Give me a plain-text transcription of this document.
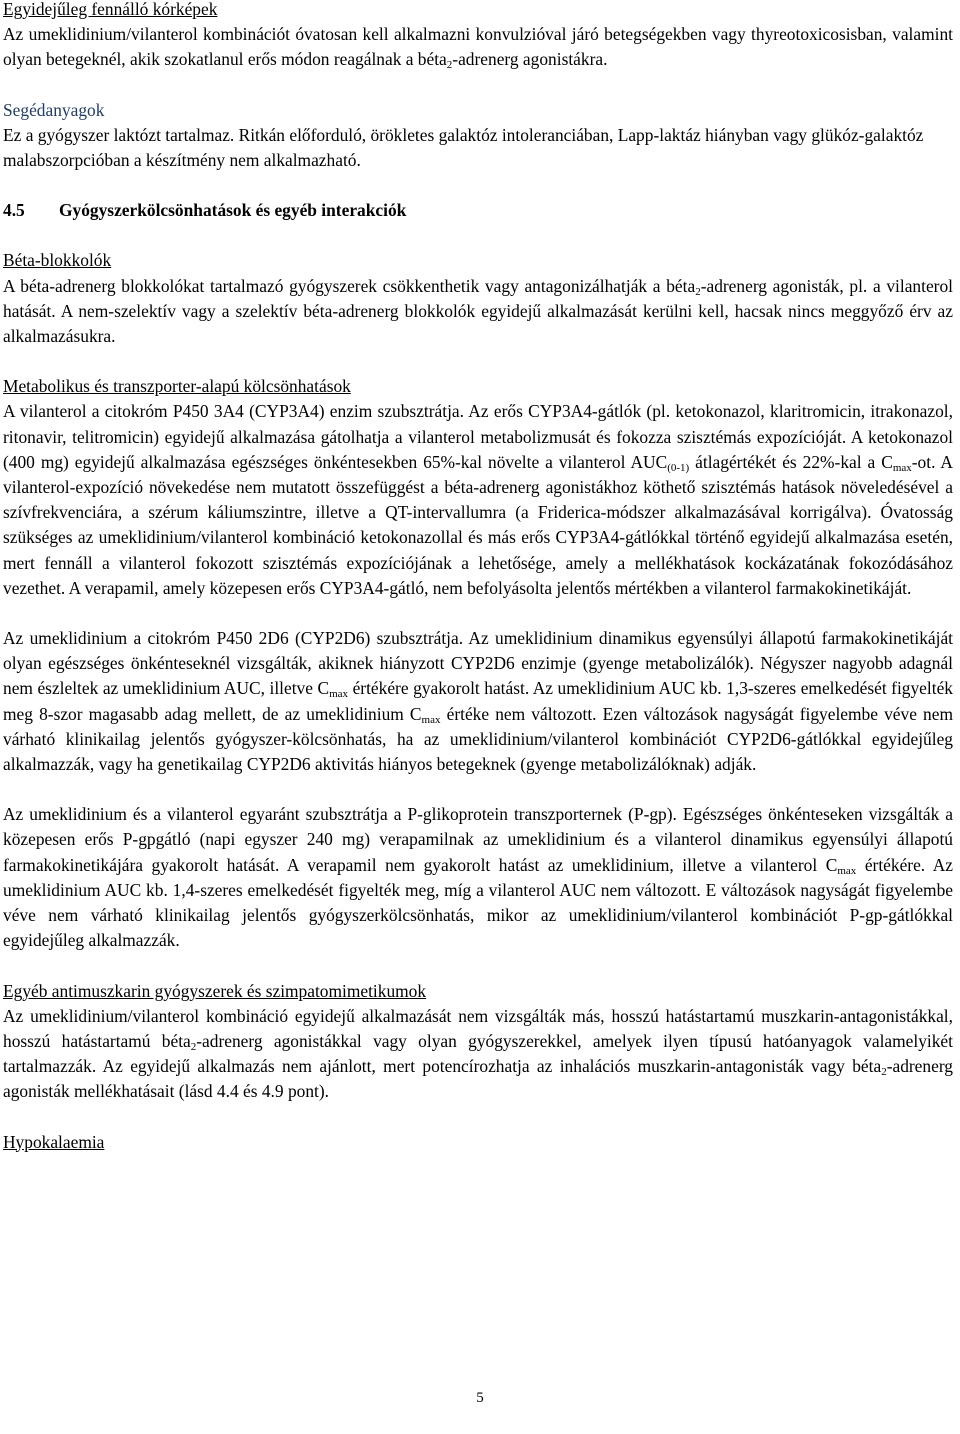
Egyidejűleg fennálló kórképek

Az umeklidinium/vilanterol kombinációt óvatosan kell alkalmazni konvulzióval járó betegségekben vagy thyreotoxicosisban, valamint olyan betegeknél, akik szokatlanul erős módon reagálnak a béta$_2$-adrenerg agonistákra.

Segédanyagok

Ez a gyógyszer laktózt tartalmaz. Ritkán előforduló, örökletes galaktóz intoleranciában, Lapp-laktáz hiányban vagy glükóz-galaktóz malabszorpcióban a készítmény nem alkalmazható.

4.5 Gyógyszerkölcsönhatások és egyéb interakciók

Béta-blokkolók

A béta-adrenerg blokkolókat tartalmazó gyógyszerek csökkenthetik vagy antagonizálhatják a béta$_2$-adrenerg agonisták, pl. a vilanterol hatását. A nem-szelektív vagy a szelektív béta-adrenerg blokkolók egyidejű alkalmazását kerülni kell, hacsak nincs meggyőző érv az alkalmazásukra.

Metabolikus és transzporter-alapú kölcsönhatások

A vilanterol a citokróm P450 3A4 (CYP3A4) enzim szubsztrátja. Az erős CYP3A4-gátlók (pl. ketokonazol, klaritromicin, itrakonazol, ritonavir, telitromicin) egyidejű alkalmazása gátolhatja a vilanterol metabolizmusát és fokozza szisztémás expozícióját. A ketokonazol (400 mg) egyidejű alkalmazása egészséges önkéntesekben 65%-kal növelte a vilanterol $AUC_{(0-1)}$ átlagértékét és 22%-kal a $C_{max}-ot$. A vilanterol-expozíció növekedése nem mutatott összefüggést a béta-adrenerg agonistákhoz köthető szisztémás hatások növeledésével a szívfrekvenciára, a szérum káliumszintre, illetve a QT-intervallumra (a Friderica-módszer alkalmazásával korrigálva). Óvatosság szükséges az umeklidinium/vilanterol kombináció ketokonazollal és más erős CYP3A4-gátlókkal történő egyidejű alkalmazása esetén, mert fennáll a vilanterol fokozott szisztémás expozíciójának a lehetősége, amely a mellékhatások kockázatának fokozódásához vezethet. A verapamil, amely közepesen erős CYP3A4-gátló, nem befolyásolta jelentős mértékben a vilanterol farmakokinetikáját.

Az umeklidinium a citokróm P450 2D6 (CYP2D6) szubsztrátja. Az umeklidinium dinamikus egyensúlyi állapotú farmakokinetikáját olyan egészséges önkénteseknél vizsgálták, akiknek hiányzott CYP2D6 enzimje (gyenge metabolizálók). Négyszer nagyobb adagnál nem észleltek az umeklidinium AUC, illetve $C_{max}$ értékére gyakorolt hatást. Az umeklidinium AUC kb. 1,3-szeres emelkedését figyelték meg 8-szor magasabb adag mellett, de az umeklidinium $C_{max}$ értéke nem változott. Ezen változások nagyságát figyelembe véve nem várható klinikailag jelentős gyógyszer-kölcsönhatás, ha az umeklidinium/vilanterol kombinációt CYP2D6-gátlókkal egyidejűleg alkalmazzák, vagy ha genetikailag CYP2D6 aktivitás hiányos betegeknek (gyenge metabolizálóknak) adják.

Az umeklidinium és a vilanterol egyaránt szubsztrátja a P-glikoprotein transzporternek (P-gp). Egészséges önkénteseken vizsgálták a közepesen erős P-gpgátló (napi egyszer 240 mg) verapamilnak az umeklidinium és a vilanterol dinamikus egyensúlyi állapotú farmakokinetikájára gyakorolt hatását. A verapamil nem gyakorolt hatást az umeklidinium, illetve a vilanterol $C_{max}$ értékére. Az umeklidinium AUC kb. 1,4-szeres emelkedését figyelték meg, míg a vilanterol AUC nem változott. E változások nagyságát figyelembe véve nem várható klinikailag jelentős gyógyszerkölcsönhatás, mikor az umeklidinium/vilanterol kombinációt P-gp-gátlókkal egyidejűleg alkalmazzák.

Egyéb antimuszkarin gyógyszerek és szimpatomimetikumok

Az umeklidinium/vilanterol kombináció egyidejű alkalmazását nem vizsgálták más, hosszú hatástartamú muszkarin-antagonistákkal, hosszú hatástartamú béta$_2$-adrenerg agonistákkal vagy olyan gyógyszerekkel, amelyek ilyen típusú hatóanyagok valamelyikét tartalmazzák. Az egyidejű alkalmazás nem ajánlott, mert potencírozhatja az inhalációs muszkarin-antagonisták vagy béta$_2$-adrenerg agonisták mellékhatásait (lásd 4.4 és 4.9 pont).

Hypokalaemia

5
